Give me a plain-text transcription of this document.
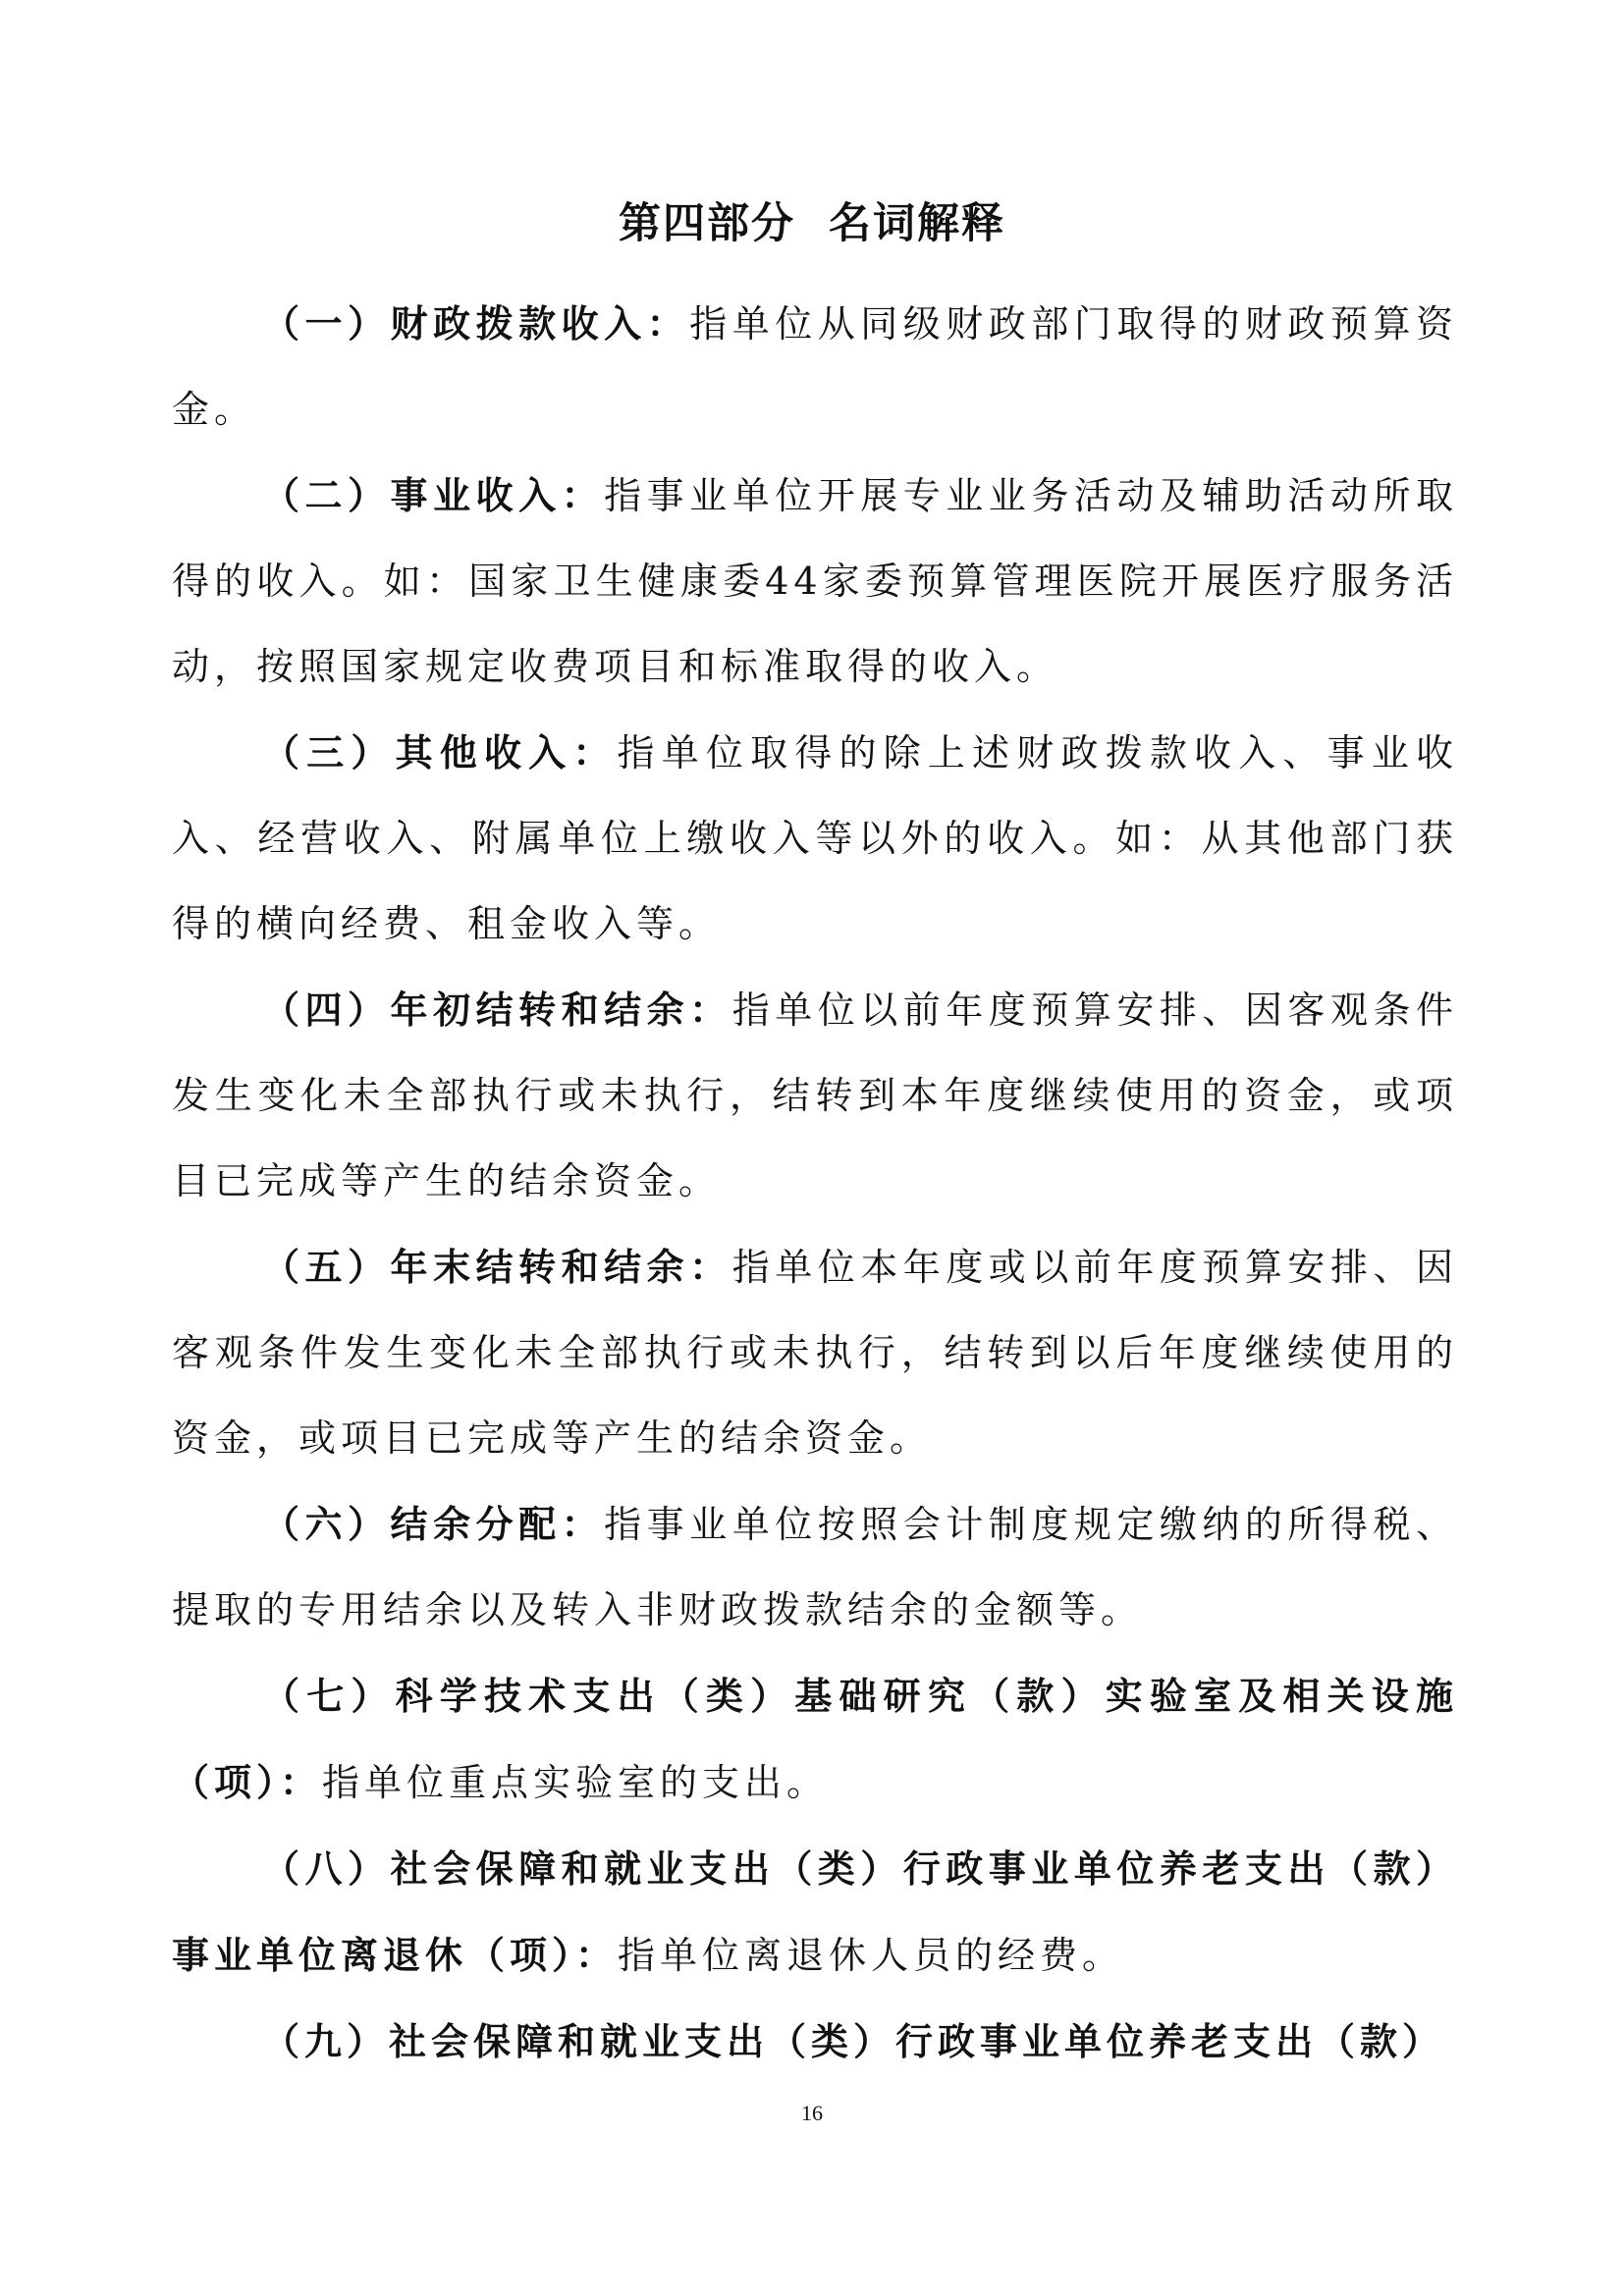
第四部分  名词解释

（一）财政拨款收入：指单位从同级财政部门取得的财政预算资金。

（二）事业收入：指事业单位开展专业业务活动及辅助活动所取得的收入。如：国家卫生健康委44家委预算管理医院开展医疗服务活动，按照国家规定收费项目和标准取得的收入。

（三）其他收入：指单位取得的除上述财政拨款收入、事业收入、经营收入、附属单位上缴收入等以外的收入。如：从其他部门获得的横向经费、租金收入等。

（四）年初结转和结余：指单位以前年度预算安排、因客观条件发生变化未全部执行或未执行，结转到本年度继续使用的资金，或项目已完成等产生的结余资金。

（五）年末结转和结余：指单位本年度或以前年度预算安排、因客观条件发生变化未全部执行或未执行，结转到以后年度继续使用的资金，或项目已完成等产生的结余资金。

（六）结余分配：指事业单位按照会计制度规定缴纳的所得税、提取的专用结余以及转入非财政拨款结余的金额等。

（七）科学技术支出（类）基础研究（款）实验室及相关设施（项）：指单位重点实验室的支出。

（八）社会保障和就业支出（类）行政事业单位养老支出（款）事业单位离退休（项）：指单位离退休人员的经费。

（九）社会保障和就业支出（类）行政事业单位养老支出（款）

16
